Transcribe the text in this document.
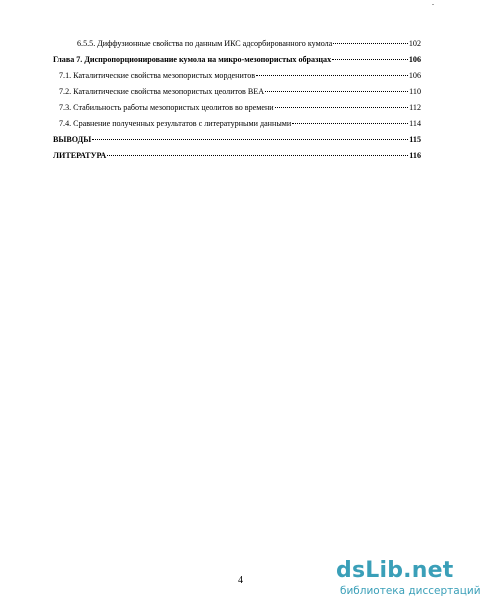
-
6.5.5. Диффузионные свойства по данным ИКС адсорбированного кумола	102
Глава 7. Диспропорционирование кумола на микро-мезопористых образцах	106
7.1. Каталитические свойства мезопористых морденитов	106
7.2. Каталитические свойства мезопористых цеолитов BEA	110
7.3. Стабильность работы мезопористых цеолитов во времени	112
7.4. Сравнение полученных результатов с литературными данными	114
ВЫВОДЫ	115
ЛИТЕРАТУРА	116
4	dsLib.net
библиотека диссертаций
